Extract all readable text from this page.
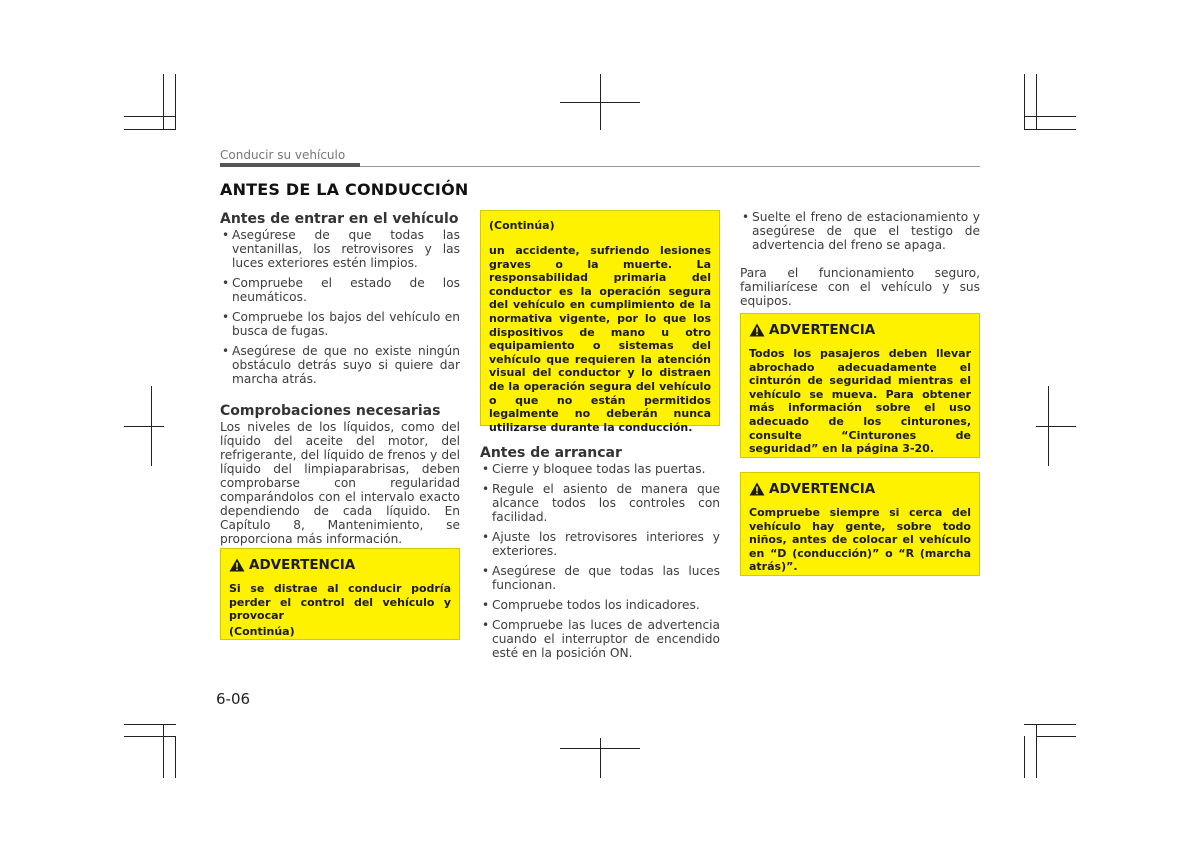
Conducir su vehículo
ANTES DE LA CONDUCCIÓN
Antes de entrar en el vehículo
• Asegúrese de que todas las ventanillas, los retrovisores y las luces exteriores estén limpios.
• Compruebe el estado de los neumáticos.
• Compruebe los bajos del vehículo en busca de fugas.
• Asegúrese de que no existe ningún obstáculo detrás suyo si quiere dar marcha atrás.
Comprobaciones necesarias

Los niveles de los líquidos, como del líquido del aceite del motor, del refrigerante, del líquido de frenos y del líquido del limpiaparabrisas, deben comprobarse con regularidad comparándolos con el intervalo exacto dependiendo de cada líquido. En Capítulo 8, Mantenimiento, se proporciona más información.

ADVERTENCIA
Si se distrae al conducir podría perder el control del vehículo y provocar
(Continúa)
(Continúa)
un accidente, sufriendo lesiones graves o la muerte. La responsabilidad primaria del conductor es la operación segura del vehículo en cumplimiento de la normativa vigente, por lo que los dispositivos de mano u otro equipamiento o sistemas del vehículo que requieren la atención visual del conductor y lo distraen de la operación segura del vehículo o que no están permitidos legalmente no deberán nunca utilizarse durante la conducción.
Antes de arrancar
• Cierre y bloquee todas las puertas.
• Regule el asiento de manera que alcance todos los controles con facilidad.
• Ajuste los retrovisores interiores y exteriores.
• Asegúrese de que todas las luces funcionan.
• Compruebe todos los indicadores.
• Compruebe las luces de advertencia cuando el interruptor de encendido esté en la posición ON.
• Suelte el freno de estacionamiento y asegúrese de que el testigo de advertencia del freno se apaga.

Para el funcionamiento seguro, familiarícese con el vehículo y sus equipos.

ADVERTENCIA
Todos los pasajeros deben llevar abrochado adecuadamente el cinturón de seguridad mientras el vehículo se mueva. Para obtener más información sobre el uso adecuado de los cinturones, consulte “Cinturones de seguridad” en la página 3-20.
ADVERTENCIA
Compruebe siempre si cerca del vehículo hay gente, sobre todo niños, antes de colocar el vehículo en “D (conducción)” o “R (marcha atrás)”.
6-06
